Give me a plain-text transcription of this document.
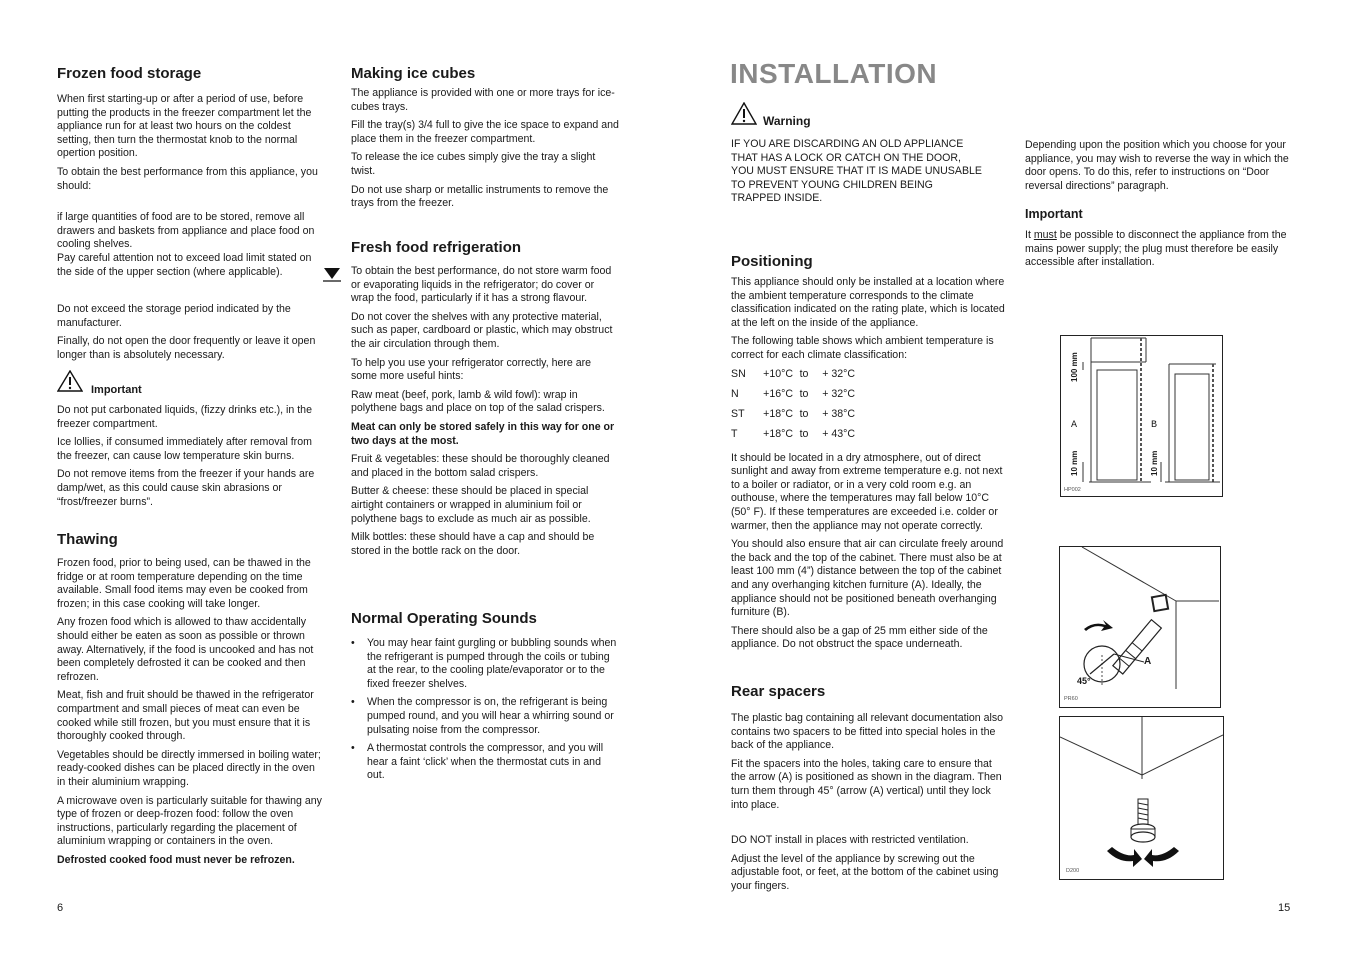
Frozen food storage

When first starting-up or after a period of use, before putting the products in the freezer compartment let the appliance run for at least two hours on the coldest setting, then turn the thermostat knob to the normal opertion position.

To obtain the best performance from this appliance, you should:

if large quantities of food are to be stored, remove all drawers and baskets from appliance and place food on cooling shelves.

Pay careful attention not to exceed load limit stated on the side of the upper section (where applicable).

Do not exceed the storage period indicated by the manufacturer.

Finally, do not open the door frequently or leave it open longer than is absolutely necessary.

Important

Do not put carbonated liquids, (fizzy drinks etc.), in the freezer compartment.

Ice lollies, if consumed immediately after removal from the freezer, can cause low temperature skin burns.

Do not remove items from the freezer if your hands are damp/wet, as this could cause skin abrasions or “frost/freezer burns”.

Thawing

Frozen food, prior to being used, can be thawed in the fridge or at room temperature depending on the time available. Small food items may even be cooked from frozen; in this case cooking will take longer.

Any frozen food which is allowed to thaw accidentally should either be eaten as soon as possible or thrown away. Alternatively, if the food is uncooked and has not been completely defrosted it can be cooked and then refrozen.

Meat, fish and fruit should be thawed in the refrigerator compartment and small pieces of meat can even be cooked while still frozen, but you must ensure that it is thoroughly cooked through.

Vegetables should be directly immersed in boiling water; ready-cooked dishes can be placed directly in the oven in their aluminium wrapping.

A microwave oven is particularly suitable for thawing any type of frozen or deep-frozen food: follow the oven instructions, particularly regarding the placement of aluminium wrapping or containers in the oven.

Defrosted cooked food must never be refrozen.

6
Making ice cubes

The appliance is provided with one or more trays for ice-cubes trays.

Fill the tray(s) 3/4 full to give the ice space to expand and place them in the freezer compartment.

To release the ice cubes simply give the tray a slight twist.

Do not use sharp or metallic instruments to remove the trays from the freezer.

Fresh food refrigeration

To obtain the best performance, do not store warm food or evaporating liquids in the refrigerator; do cover or wrap the food, particularly if it has a strong flavour.

Do not cover the shelves with any protective material, such as paper, cardboard or plastic, which may obstruct the air circulation through them.

To help you use your refrigerator correctly, here are some more useful hints:

Raw meat (beef, pork, lamb & wild fowl): wrap in polythene bags and place on top of the salad crispers.

Meat can only be stored safely in this way for one or two days at the most.

Fruit & vegetables: these should be thoroughly cleaned and placed in the bottom salad crispers.

Butter & cheese: these should be placed in special airtight containers or wrapped in aluminium foil or polythene bags to exclude as much air as possible.

Milk bottles: these should have a cap and should be stored in the bottle rack on the door.

Normal Operating Sounds
• You may hear faint gurgling or bubbling sounds when the refrigerant is pumped through the coils or tubing at the rear, to the cooling plate/evaporator or to the fixed freezer shelves.
• When the compressor is on, the refrigerant is being pumped round, and you will hear a whirring sound or pulsating noise from the compressor.
• A thermostat controls the compressor, and you will hear a faint ‘click’ when the thermostat cuts in and out.
INSTALLATION
Warning
IF YOU ARE DISCARDING AN OLD APPLIANCE THAT HAS A LOCK OR CATCH ON THE DOOR, YOU MUST ENSURE THAT IT IS MADE UNUSABLE TO PREVENT YOUNG CHILDREN BEING TRAPPED INSIDE.
Positioning

This appliance should only be installed at a location where the ambient temperature corresponds to the climate classification indicated on the rating plate, which is located at the left on the inside of the appliance.

The following table shows which ambient temperature is correct for each climate classification:

SN	+10°C to	+ 32°C
N	+16°C to	+ 32°C
ST	+18°C to	+ 38°C
T	+18°C to	+ 43°C

It should be located in a dry atmosphere, out of direct sunlight and away from extreme temperature e.g. not next to a boiler or radiator, or in a very cold room e.g. an outhouse, where the temperatures may fall below 10°C (50° F). If these temperatures are exceeded i.e. colder or warmer, then the appliance may not operate correctly.

You should also ensure that air can circulate freely around the back and the top of the cabinet. There must also be at least 100 mm (4”) distance between the top of the cabinet and any overhanging kitchen furniture (A). Ideally, the appliance should not be positioned beneath overhanging furniture (B).

There should also be a gap of 25 mm either side of the appliance. Do not obstruct the space underneath.

Rear spacers

The plastic bag containing all relevant documentation also contains two spacers to be fitted into special holes in the back of the appliance.

Fit the spacers into the holes, taking care to ensure that the arrow (A) is positioned as shown in the diagram. Then turn them through 45° (arrow (A) vertical) until they lock into place.

DO NOT install in places with restricted ventilation.

Adjust the level of the appliance by screwing out the adjustable foot, or feet, at the bottom of the cabinet using your fingers.

Depending upon the position which you choose for your appliance, you may wish to reverse the way in which the door opens. To do this, refer to instructions on “Door reversal directions” paragraph.

Important

It must be possible to disconnect the appliance from the mains power supply; the plug must therefore be easily accessible after installation.

100 mm
10 mm	10 mm
A	B
HP002
A
45°
PR60
D200
15
